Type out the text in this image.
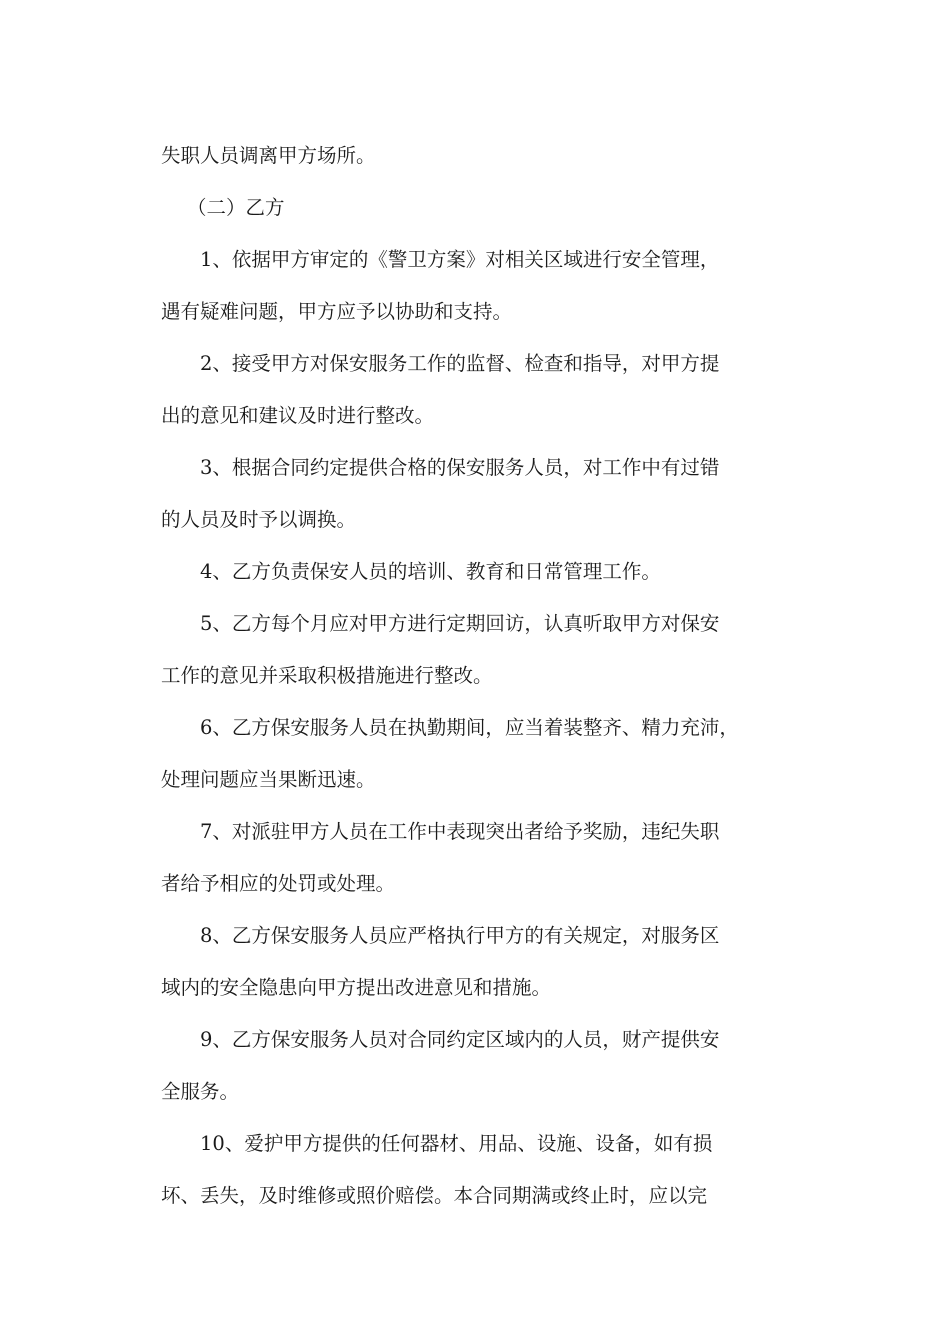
失职人员调离甲方场所。

（二）乙方

1、依据甲方审定的《警卫方案》对相关区域进行安全管理，

遇有疑难问题，甲方应予以协助和支持。

2、接受甲方对保安服务工作的监督、检查和指导，对甲方提

出的意见和建议及时进行整改。

3、根据合同约定提供合格的保安服务人员，对工作中有过错

的人员及时予以调换。

4、乙方负责保安人员的培训、教育和日常管理工作。

5、乙方每个月应对甲方进行定期回访，认真听取甲方对保安

工作的意见并采取积极措施进行整改。

6、乙方保安服务人员在执勤期间，应当着装整齐、精力充沛，

处理问题应当果断迅速。

7、对派驻甲方人员在工作中表现突出者给予奖励，违纪失职

者给予相应的处罚或处理。

8、乙方保安服务人员应严格执行甲方的有关规定，对服务区

域内的安全隐患向甲方提出改进意见和措施。

9、乙方保安服务人员对合同约定区域内的人员，财产提供安

全服务。

10、爱护甲方提供的任何器材、用品、设施、设备，如有损

坏、丢失，及时维修或照价赔偿。本合同期满或终止时，应以完
